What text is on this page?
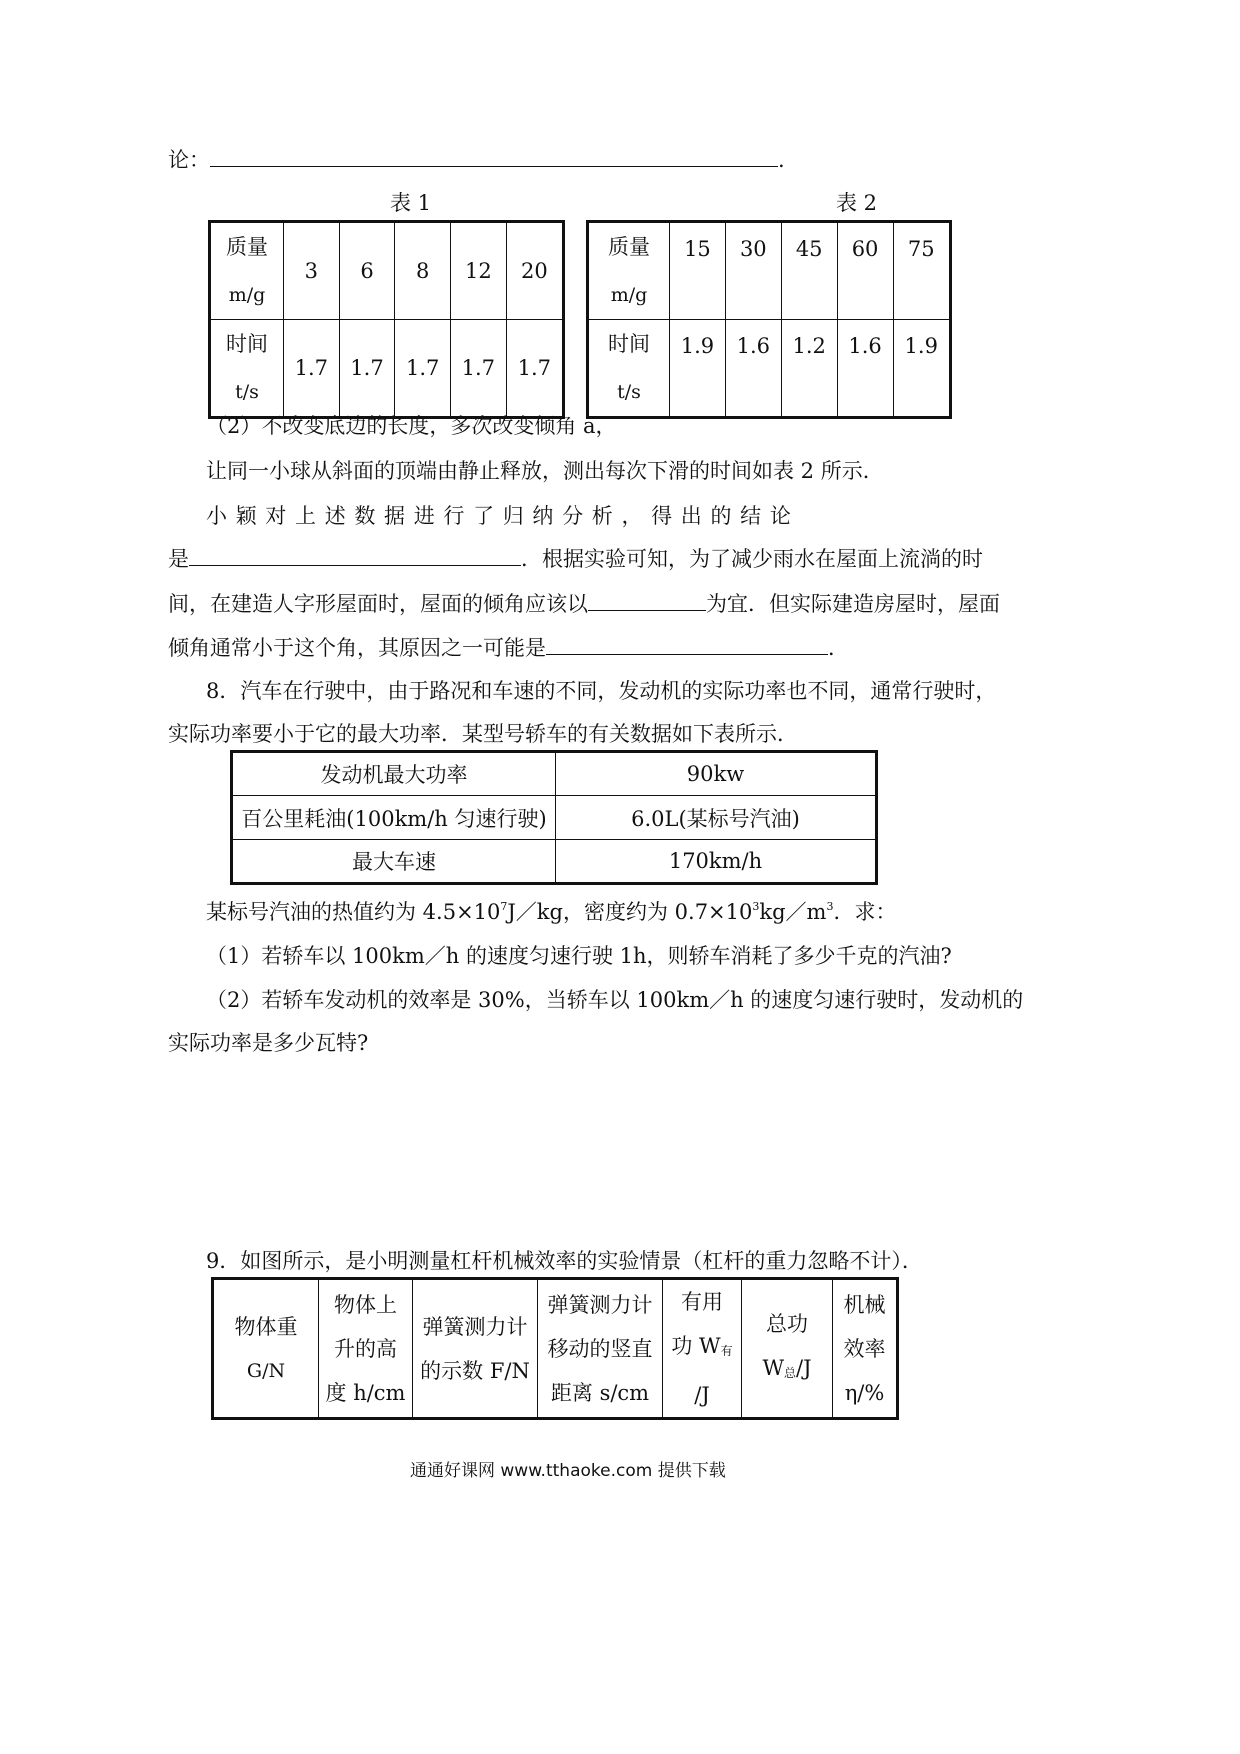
论：	.
表 1
质量
m/g	3	6	8	12	20

时间
t/s	1.7	1.7	1.7	1.7	1.7
表 2
质量
m/g	15	30	45	60	75

时间
t/s	1.9	1.6	1.2	1.6	1.9
（2）不改变底边的长度，多次改变倾角 a，
让同一小球从斜面的顶端由静止释放，测出每次下滑的时间如表 2 所示．
小 颖 对 上 述 数 据 进 行 了 归 纳 分 析 ， 得 出 的 结 论
是	．根据实验可知，为了减少雨水在屋面上流淌的时
间，在建造人字形屋面时，屋面的倾角应该以	为宜．但实际建造房屋时，屋面
倾角通常小于这个角，其原因之一可能是	．
8．汽车在行驶中，由于路况和车速的不同，发动机的实际功率也不同，通常行驶时，
实际功率要小于它的最大功率．某型号轿车的有关数据如下表所示．
发动机最大功率	90kw
百公里耗油(100km/h 匀速行驶)	6.0L(某标号汽油)
最大车速	170km/h
某标号汽油的热值约为 $4.5\times 10^7J/kg$，密度约为 $0.7\times 10^3kg/m^3$．求：
（1）若轿车以 100km／h 的速度匀速行驶 1h，则轿车消耗了多少千克的汽油?
（2）若轿车发动机的效率是 30%，当轿车以 100km／h 的速度匀速行驶时，发动机的
实际功率是多少瓦特?
9．如图所示，是小明测量杠杆机械效率的实验情景（杠杆的重力忽略不计）．
物体重
G/N

物体上
升的高
度 h/cm

弹簧测力计
的示数 F/N

弹簧测力计
移动的竖直
距离 s/cm

有用
功 W有
/J

总功
W总/J

机械
效率
η/%
通通好课网 www.tthaoke.com 提供下载
